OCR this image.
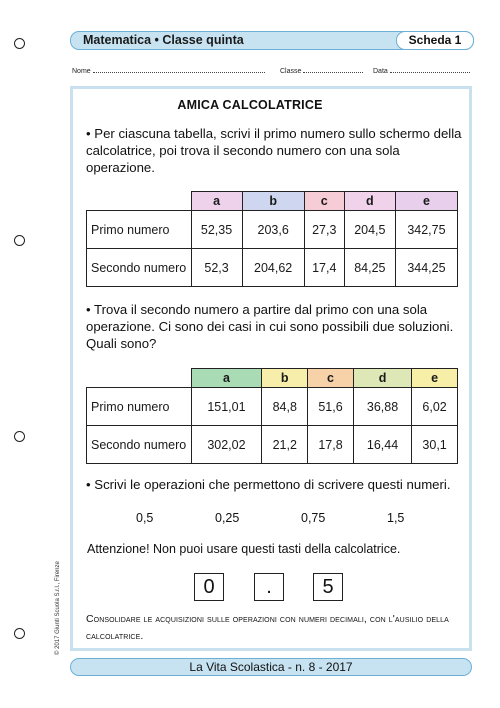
Matematica • Classe quinta	Scheda 1
Nome	Classe	Data
AMICA CALCOLATRICE
• Per ciascuna tabella, scrivi il primo numero sullo schermo della calcolatrice, poi trova il secondo numero con una sola operazione.
	a	b	c	d	e
Primo numero	52,35	203,6	27,3	204,5	342,75
Secondo numero	52,3	204,62	17,4	84,25	344,25
• Trova il secondo numero a partire dal primo con una sola operazione. Ci sono dei casi in cui sono possibili due soluzioni. Quali sono?
	a	b	c	d	e
Primo numero	151,01	84,8	51,6	36,88	6,02
Secondo numero	302,02	21,2	17,8	16,44	30,1
• Scrivi le operazioni che permettono di scrivere questi numeri.
0,5	0,25	0,75	1,5
Attenzione! Non puoi usare questi tasti della calcolatrice.
0	.	5
Consolidare le acquisizioni sulle operazioni con numeri decimali, con l'ausilio della calcolatrice.
© 2017 Giunti Scuola S.r.l., Firenze
La Vita Scolastica - n. 8 - 2017
